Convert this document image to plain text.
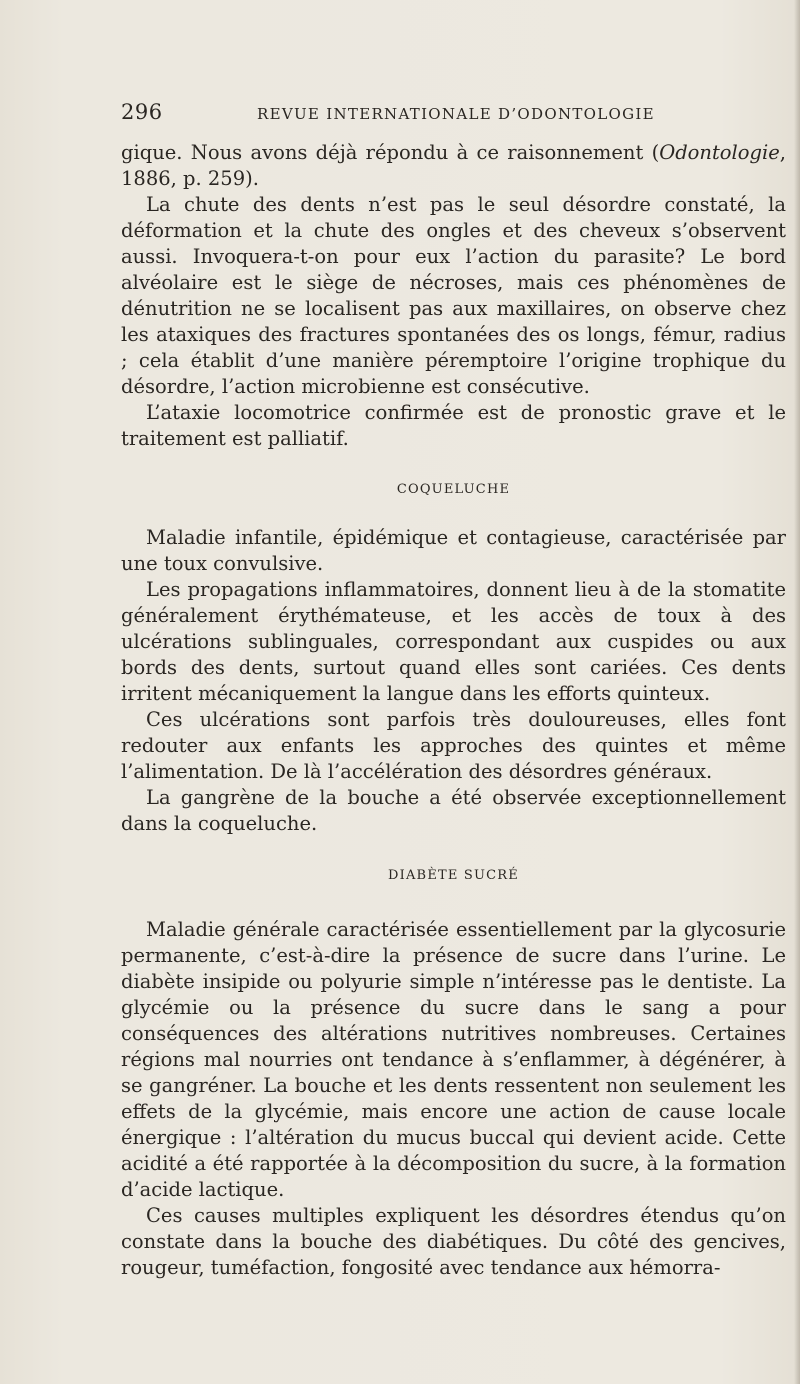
296	REVUE INTERNATIONALE D’ODONTOLOGIE

gique. Nous avons déjà répondu à ce raisonnement (Odontologie, 1886, p. 259).

La chute des dents n’est pas le seul désordre constaté, la déformation et la chute des ongles et des cheveux s’observent aussi. Invoquera-t-on pour eux l’action du parasite? Le bord alvéolaire est le siège de nécroses, mais ces phénomènes de dénutrition ne se localisent pas aux maxillaires, on observe chez les ataxiques des fractures spontanées des os longs, fémur, radius ; cela établit d’une manière péremptoire l’origine trophique du désordre, l’action microbienne est consécutive.

L’ataxie locomotrice confirmée est de pronostic grave et le traitement est palliatif.

COQUELUCHE

Maladie infantile, épidémique et contagieuse, caractérisée par une toux convulsive.

Les propagations inflammatoires, donnent lieu à de la stomatite généralement érythémateuse, et les accès de toux à des ulcérations sublinguales, correspondant aux cuspides ou aux bords des dents, surtout quand elles sont cariées. Ces dents irritent mécaniquement la langue dans les efforts quinteux.

Ces ulcérations sont parfois très douloureuses, elles font redouter aux enfants les approches des quintes et même l’alimentation. De là l’accélération des désordres généraux.

La gangrène de la bouche a été observée exceptionnellement dans la coqueluche.

DIABÈTE SUCRÉ

Maladie générale caractérisée essentiellement par la glycosurie permanente, c’est-à-dire la présence de sucre dans l’urine. Le diabète insipide ou polyurie simple n’intéresse pas le dentiste. La glycémie ou la présence du sucre dans le sang a pour conséquences des altérations nutritives nombreuses. Certaines régions mal nourries ont tendance à s’enflammer, à dégénérer, à se gangréner. La bouche et les dents ressentent non seulement les effets de la glycémie, mais encore une action de cause locale énergique : l’altération du mucus buccal qui devient acide. Cette acidité a été rapportée à la décomposition du sucre, à la formation d’acide lactique.

Ces causes multiples expliquent les désordres étendus qu’on constate dans la bouche des diabétiques. Du côté des gencives, rougeur, tuméfaction, fongosité avec tendance aux hémorra-
